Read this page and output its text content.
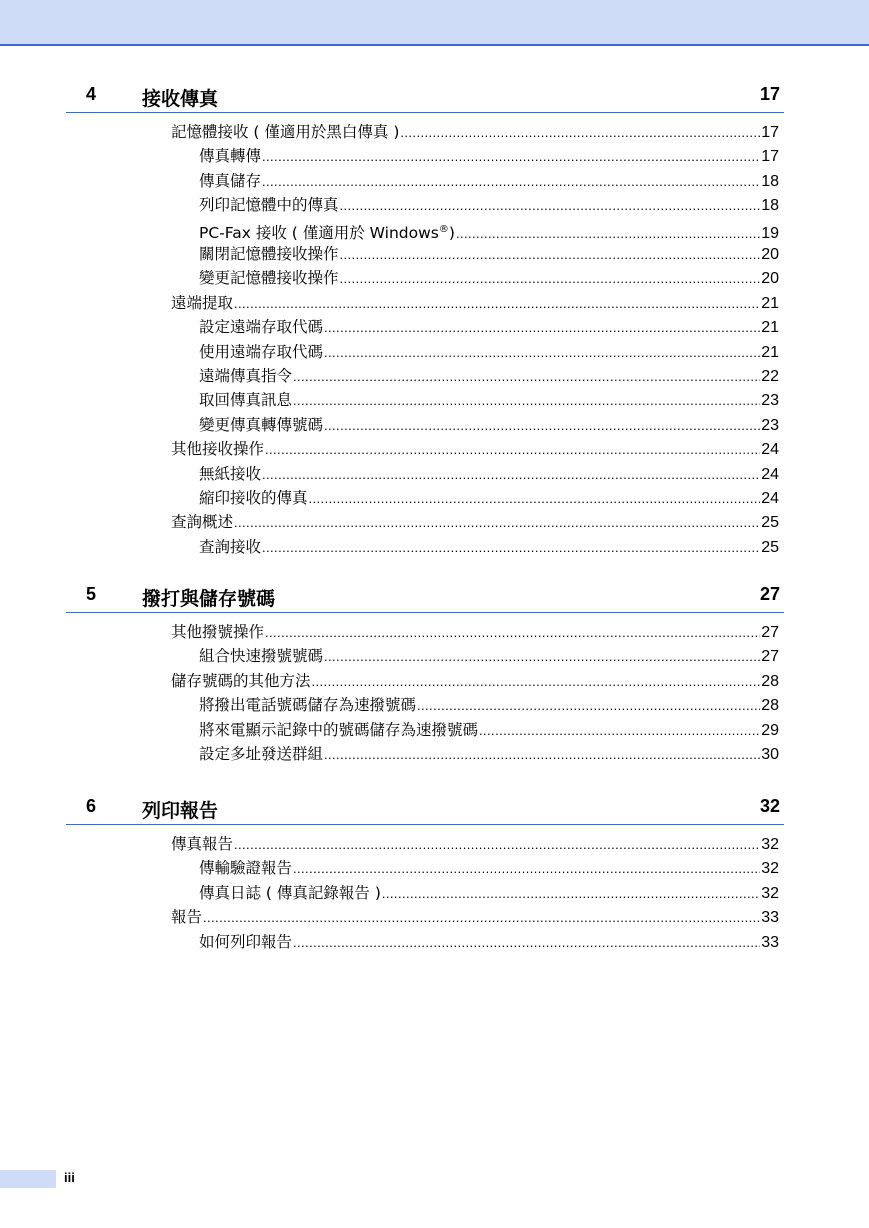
4 接收傳真	17
記憶體接收 ( 僅適用於黑白傳真 ) .....	17
傳真轉傳 .....	17
傳真儲存 .....	18
列印記憶體中的傳真 .....	18
PC-Fax 接收 ( 僅適用於 Windows®) .....	19
關閉記憶體接收操作 .....	20
變更記憶體接收操作 .....	20
遠端提取 .....	21
設定遠端存取代碼 .....	21
使用遠端存取代碼 .....	21
遠端傳真指令 .....	22
取回傳真訊息 .....	23
變更傳真轉傳號碼 .....	23
其他接收操作 .....	24
無紙接收 .....	24
縮印接收的傳真 .....	24
查詢概述 .....	25
查詢接收 .....	25
5 撥打與儲存號碼	27
其他撥號操作 .....	27
組合快速撥號號碼 .....	27
儲存號碼的其他方法 .....	28
將撥出電話號碼儲存為速撥號碼 .....	28
將來電顯示記錄中的號碼儲存為速撥號碼 .....	29
設定多址發送群組 .....	30
6 列印報告	32
傳真報告 .....	32
傳輸驗證報告 .....	32
傳真日誌 ( 傳真記錄報告 ) .....	32
報告 .....	33
如何列印報告 .....	33
iii
